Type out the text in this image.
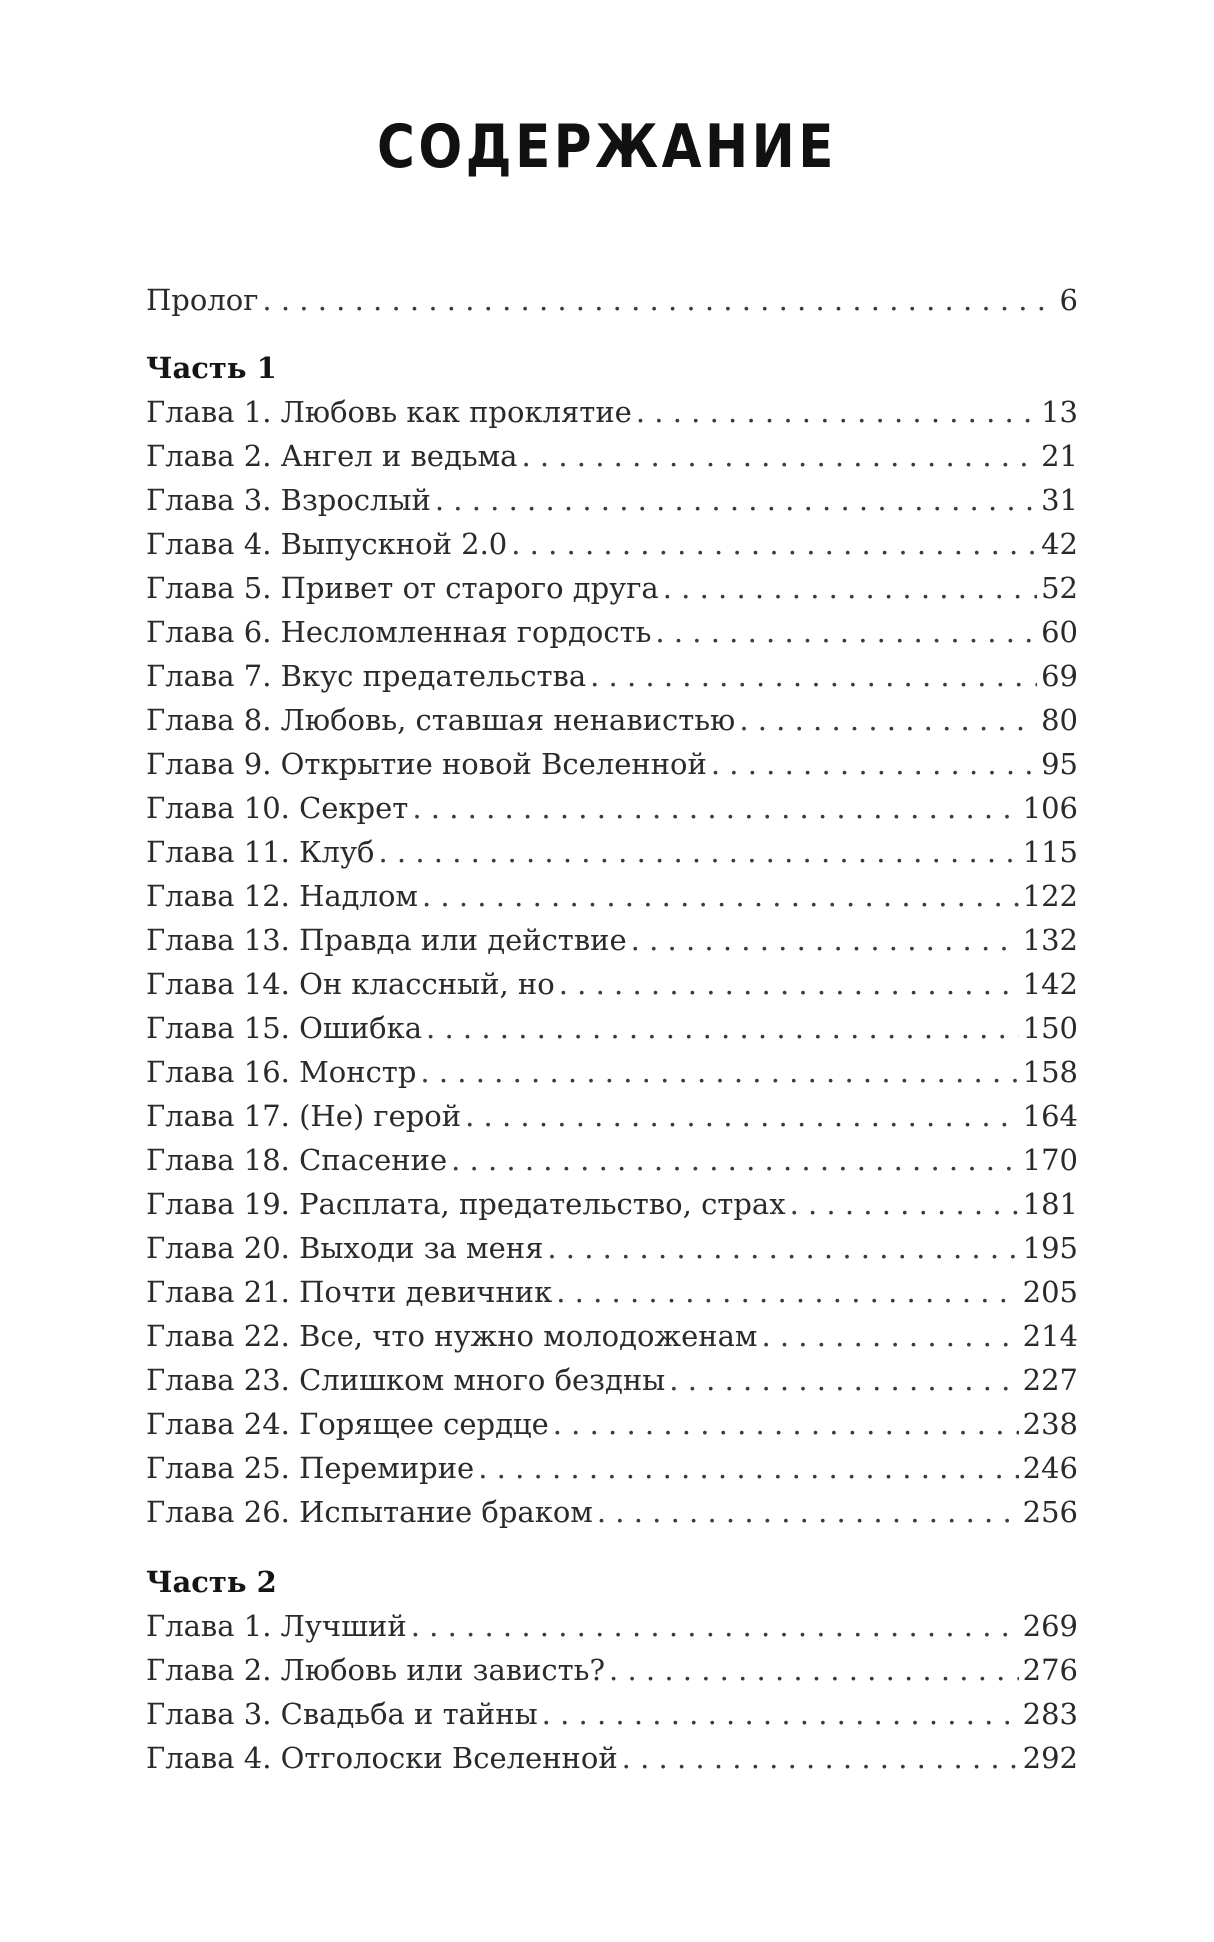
СОДЕРЖАНИЕ
Пролог . . .	6
Часть 1
Глава 1. Любовь как проклятие . . .	13
Глава 2. Ангел и ведьма . . .	21
Глава 3. Взрослый . . .	31
Глава 4. Выпускной 2.0 . . .	42
Глава 5. Привет от старого друга . . .	52
Глава 6. Несломленная гордость . . .	60
Глава 7. Вкус предательства . . .	69
Глава 8. Любовь, ставшая ненавистью . . .	80
Глава 9. Открытие новой Вселенной . . .	95
Глава 10. Секрет . . .	106
Глава 11. Клуб . . .	115
Глава 12. Надлом . . .	122
Глава 13. Правда или действие . . .	132
Глава 14. Он классный, но . . .	142
Глава 15. Ошибка . . .	150
Глава 16. Монстр . . .	158
Глава 17. (Не) герой . . .	164
Глава 18. Спасение . . .	170
Глава 19. Расплата, предательство, страх . . .	181
Глава 20. Выходи за меня . . .	195
Глава 21. Почти девичник . . .	205
Глава 22. Все, что нужно молодоженам . . .	214
Глава 23. Слишком много бездны . . .	227
Глава 24. Горящее сердце . . .	238
Глава 25. Перемирие . . .	246
Глава 26. Испытание браком . . .	256
Часть 2
Глава 1. Лучший . . .	269
Глава 2. Любовь или зависть? . . .	276
Глава 3. Свадьба и тайны . . .	283
Глава 4. Отголоски Вселенной . . .	292
